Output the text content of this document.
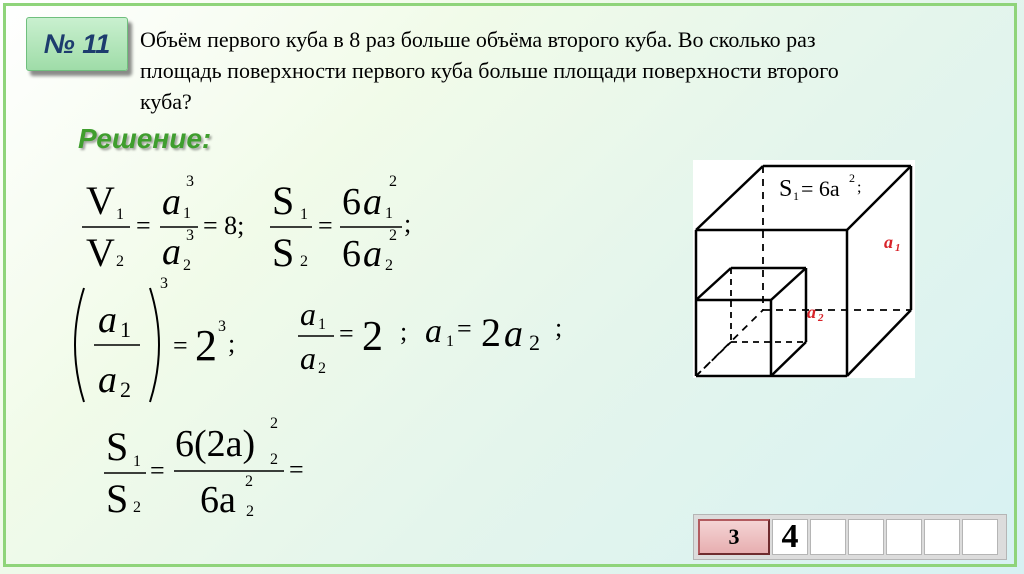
№ 11 Объём первого куба в 8 раз больше объёма второго куба. Во сколько раз
площадь поверхности первого куба больше площади поверхности второго
куба?

Решение:
V 1
V 2
=
3
a 1
3
a 2
= 8;
S 1
S 2
=
6 a 2
1
6 a 2
2
;
3
a 1
a 2
= 2 3
;
a 1
a 2
= 2 ; a 1 = 2 a 2
;
S 1
S 2
=
6(2a) 2
2
6a 2
2
=
S 1 = 6a 2
;
a 1
a 2
3	4
